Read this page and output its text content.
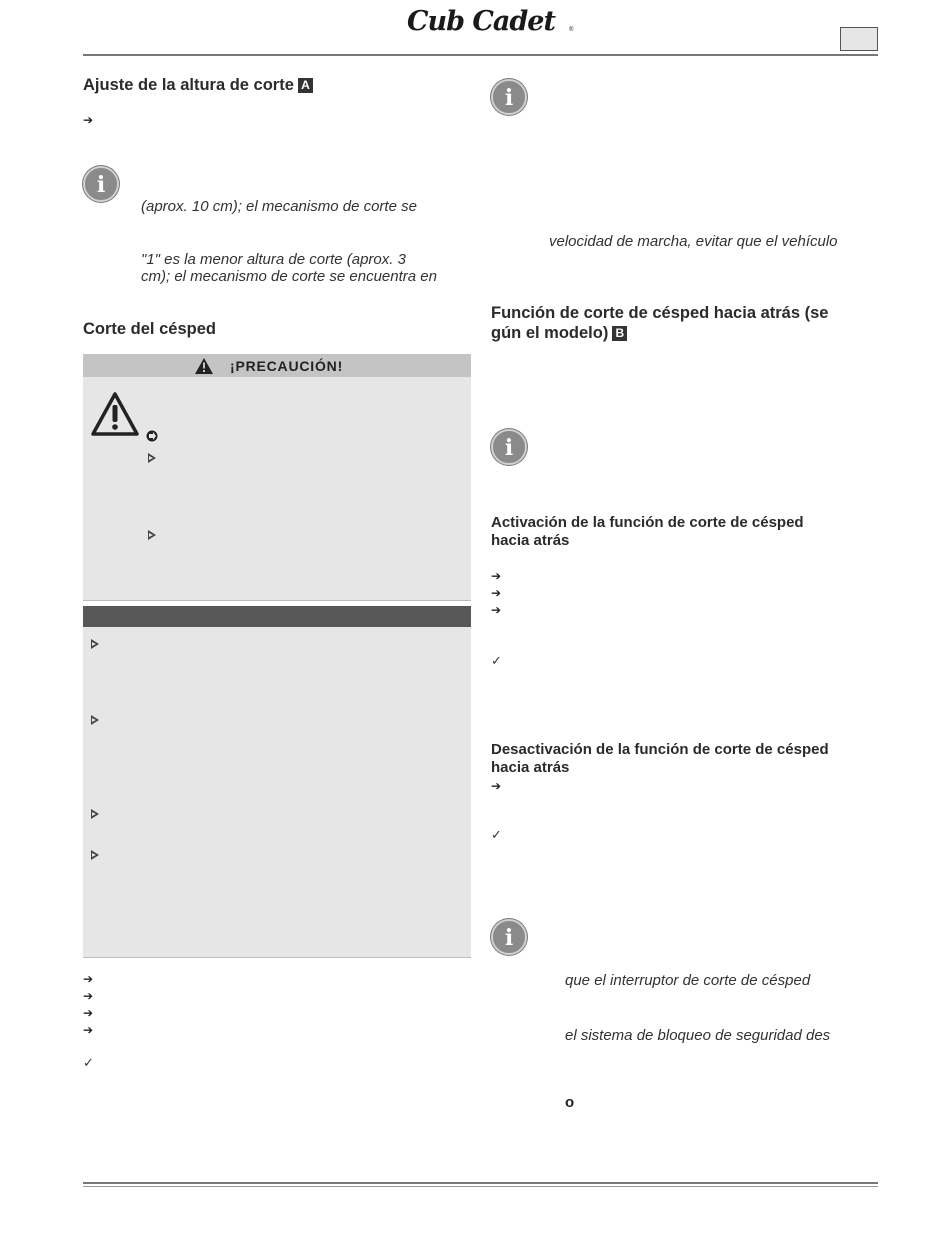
Cub Cadet ®
Ajuste de la altura de corte A
➔
i
(aprox. 10 cm); el mecanismo de corte se
"1" es la menor altura de corte (aprox. 3
cm); el mecanismo de corte se encuentra en
Corte del césped
¡PRECAUCIÓN!
➔
➔
➔
➔
✓
i
velocidad de marcha, evitar que el vehículo
Función de corte de césped hacia atrás (se
gún el modelo) B
i
Activación de la función de corte de césped
hacia atrás
➔
➔
➔
✓
Desactivación de la función de corte de césped
hacia atrás
➔
✓
i
que el interruptor de corte de césped
el sistema de bloqueo de seguridad des
o
